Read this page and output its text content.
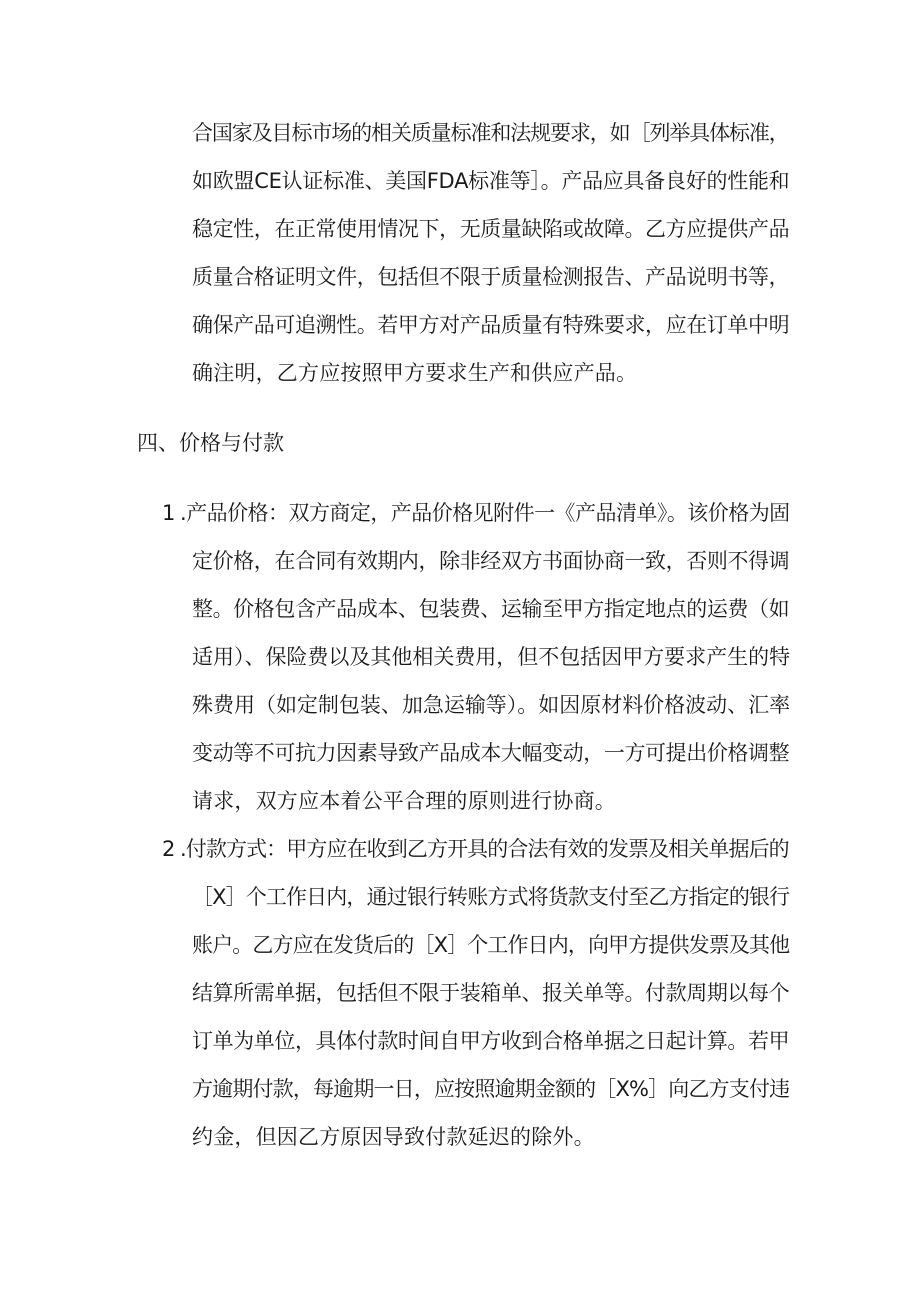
合国家及目标市场的相关质量标准和法规要求，如［列举具体标准，
如欧盟CE认证标准、美国FDA标准等］。产品应具备良好的性能和
稳定性，在正常使用情况下，无质量缺陷或故障。乙方应提供产品
质量合格证明文件，包括但不限于质量检测报告、产品说明书等，
确保产品可追溯性。若甲方对产品质量有特殊要求，应在订单中明
确注明，乙方应按照甲方要求生产和供应产品。
四、价格与付款
1 .产品价格：双方商定，产品价格见附件一《产品清单》。该价格为固
定价格，在合同有效期内，除非经双方书面协商一致，否则不得调
整。价格包含产品成本、包装费、运输至甲方指定地点的运费（如
适用）、保险费以及其他相关费用，但不包括因甲方要求产生的特
殊费用（如定制包装、加急运输等）。如因原材料价格波动、汇率
变动等不可抗力因素导致产品成本大幅变动，一方可提出价格调整
请求，双方应本着公平合理的原则进行协商。
2 .付款方式：甲方应在收到乙方开具的合法有效的发票及相关单据后的
［X］个工作日内，通过银行转账方式将货款支付至乙方指定的银行
账户。乙方应在发货后的［X］个工作日内，向甲方提供发票及其他
结算所需单据，包括但不限于装箱单、报关单等。付款周期以每个
订单为单位，具体付款时间自甲方收到合格单据之日起计算。若甲
方逾期付款，每逾期一日，应按照逾期金额的［X%］向乙方支付违
约金，但因乙方原因导致付款延迟的除外。
